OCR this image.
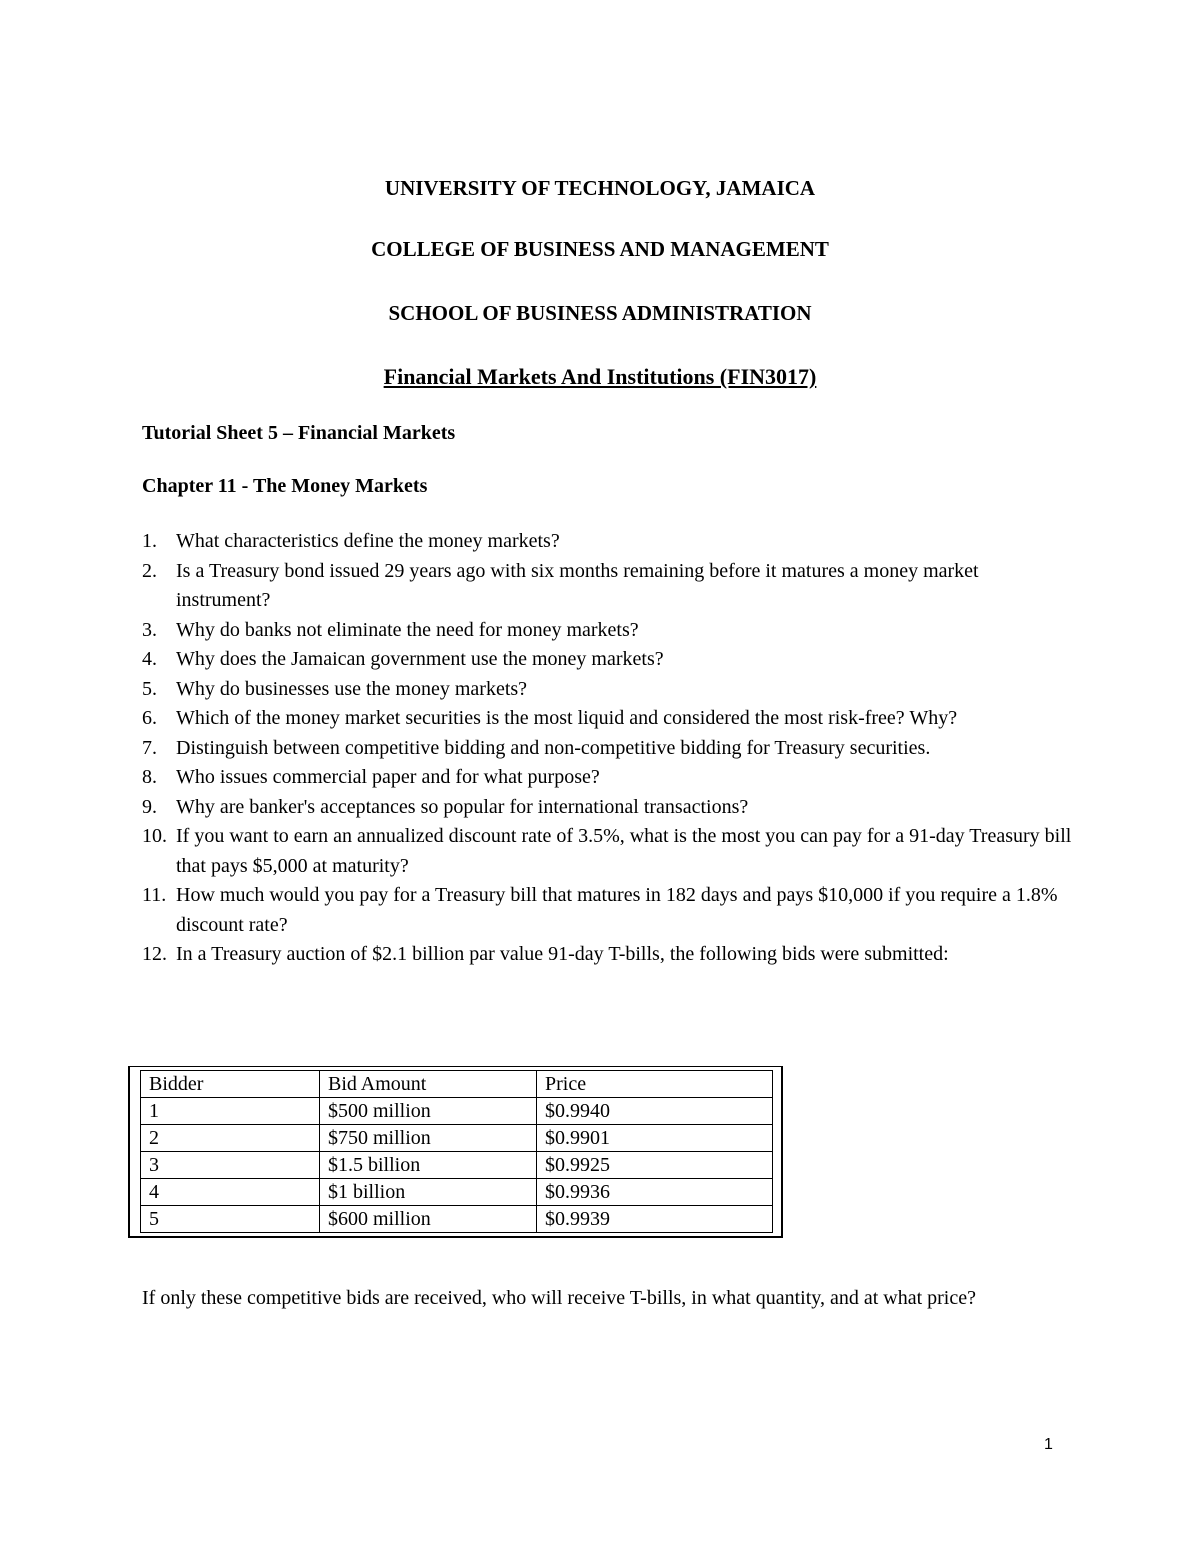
UNIVERSITY OF TECHNOLOGY, JAMAICA
COLLEGE OF BUSINESS AND MANAGEMENT
SCHOOL OF BUSINESS ADMINISTRATION
Financial Markets And Institutions (FIN3017)
Tutorial Sheet 5 – Financial Markets
Chapter 11 - The Money Markets
1. What characteristics define the money markets?
2. Is a Treasury bond issued 29 years ago with six months remaining before it matures a money market instrument?
3. Why do banks not eliminate the need for money markets?
4. Why does the Jamaican government use the money markets?
5. Why do businesses use the money markets?
6. Which of the money market securities is the most liquid and considered the most risk-free? Why?
7. Distinguish between competitive bidding and non-competitive bidding for Treasury securities.
8. Who issues commercial paper and for what purpose?
9. Why are banker's acceptances so popular for international transactions?
10. If you want to earn an annualized discount rate of 3.5%, what is the most you can pay for a 91-day Treasury bill that pays $5,000 at maturity?
11. How much would you pay for a Treasury bill that matures in 182 days and pays $10,000 if you require a 1.8% discount rate?
12. In a Treasury auction of $2.1 billion par value 91-day T-bills, the following bids were submitted:
Bidder	Bid Amount	Price
1	$500 million	$0.9940
2	$750 million	$0.9901
3	$1.5 billion	$0.9925
4	$1 billion	$0.9936
5	$600 million	$0.9939
If only these competitive bids are received, who will receive T-bills, in what quantity, and at what price?
1
